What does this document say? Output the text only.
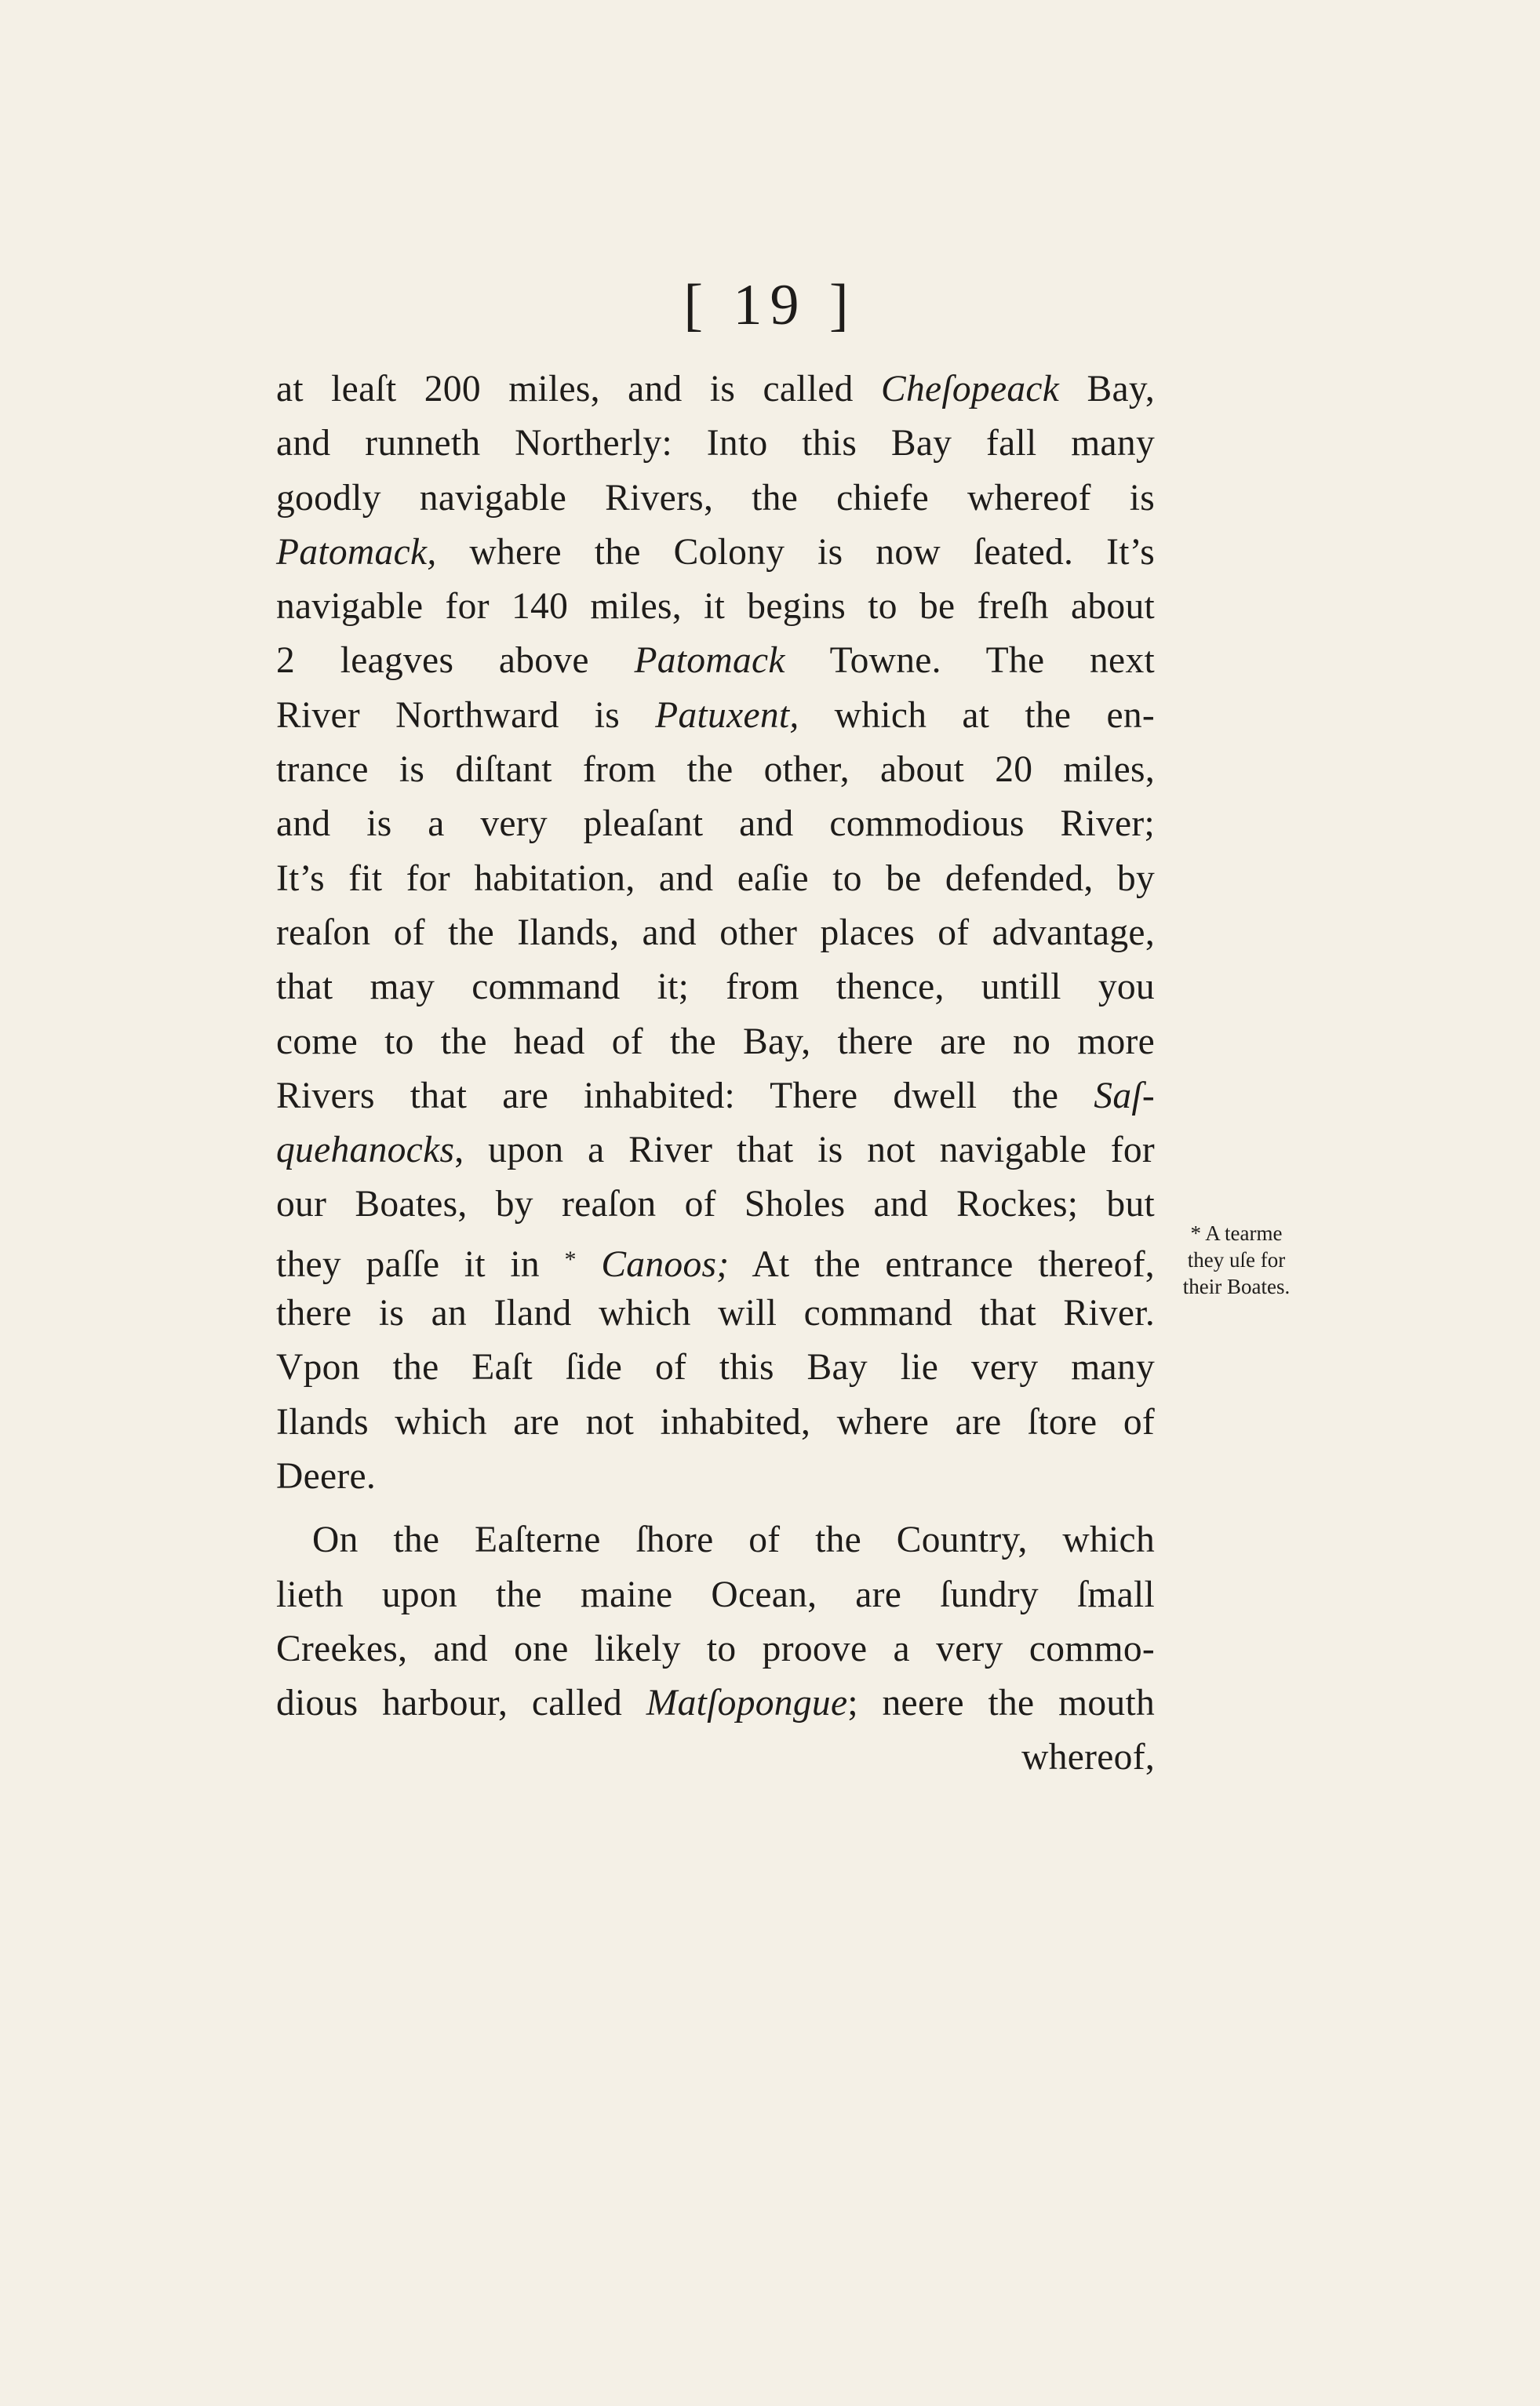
[ 19 ]
at leaſt 200 miles, and is called Cheſopeack Bay,
and runneth Northerly: Into this Bay fall many
goodly navigable Rivers, the chiefe whereof is
Patomack, where the Colony is now ſeated. It’s
navigable for 140 miles, it begins to be freſh about
2 leagves above Patomack Towne. The next
River Northward is Patuxent, which at the en-
trance is diſtant from the other, about 20 miles,
and is a very pleaſant and commodious River;
It’s fit for habitation, and eaſie to be defended, by
reaſon of the Ilands, and other places of advantage,
that may command it; from thence, untill you
come to the head of the Bay, there are no more
Rivers that are inhabited: There dwell the Saſ-
quehanocks, upon a River that is not navigable for
our Boates, by reaſon of Sholes and Rockes; but
they paſſe it in * Canoos; At the entrance thereof,
there is an Iland which will command that River.
Vpon the Eaſt ſide of this Bay lie very many
Ilands which are not inhabited, where are ſtore of
Deere.
On the Eaſterne ſhore of the Country, which
lieth upon the maine Ocean, are ſundry ſmall
Creekes, and one likely to proove a very commo-
dious harbour, called Matſopongue; neere the mouth
whereof,
* A tearme
they uſe for
their Boates.
